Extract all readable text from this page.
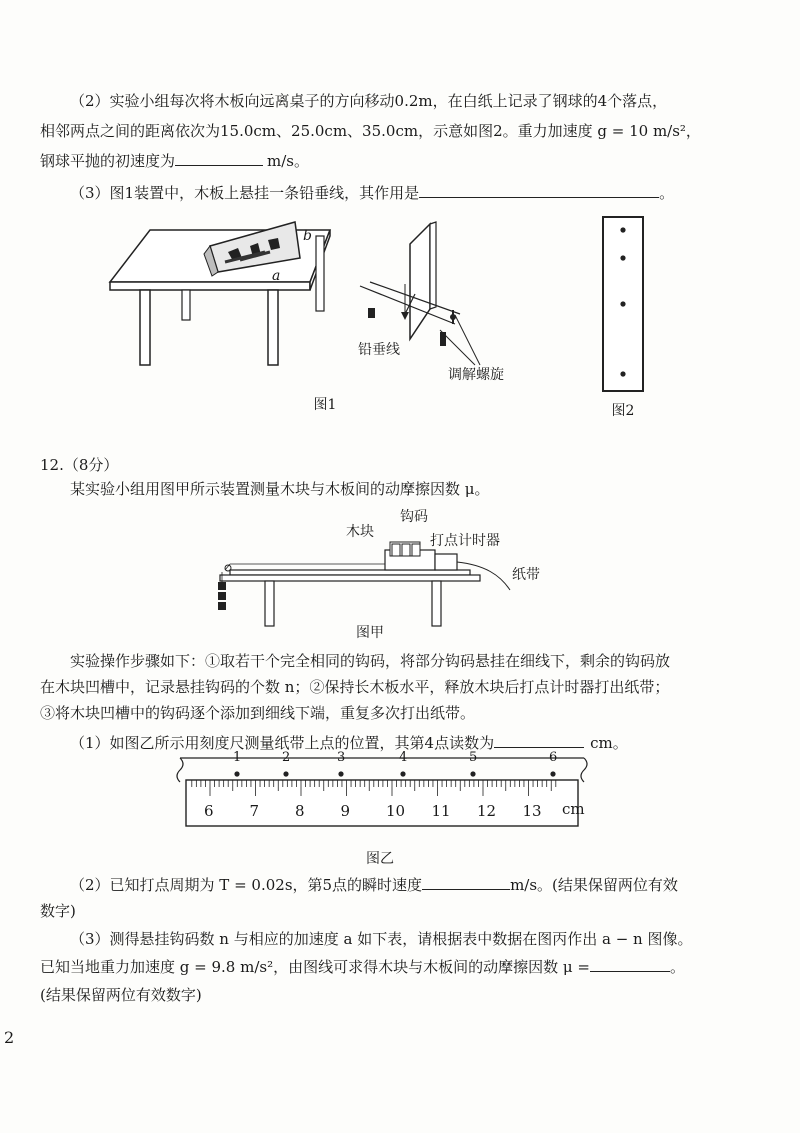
（2）实验小组每次将木板向远离桌子的方向移动0.2m，在白纸上记录了钢球的4个落点，
相邻两点之间的距离依次为15.0cm、25.0cm、35.0cm，示意如图2。重力加速度 g = 10 m/s²，
钢球平抛的初速度为	m/s。
（3）图1装置中，木板上悬挂一条铅垂线，其作用是	。
b
a
铅垂线
调解螺旋
图1	图2
12.（8分）
某实验小组用图甲所示装置测量木块与木板间的动摩擦因数 μ。
木块
钩码
打点计时器
纸带
图甲
实验操作步骤如下：①取若干个完全相同的钩码，将部分钩码悬挂在细线下，剩余的钩码放
在木块凹槽中，记录悬挂钩码的个数 n；②保持长木板水平，释放木块后打点计时器打出纸带；
③将木块凹槽中的钩码逐个添加到细线下端，重复多次打出纸带。
（1）如图乙所示用刻度尺测量纸带上点的位置，其第4点读数为	cm。
6 7 8 9 10 11 12 13 cm
1	2	3	4	5	6
图乙
（2）已知打点周期为 T = 0.02s，第5点的瞬时速度	m/s。(结果保留两位有效
数字)
（3）测得悬挂钩码数 n 与相应的加速度 a 如下表，请根据表中数据在图丙作出 a − n 图像。
已知当地重力加速度 g = 9.8 m/s²，由图线可求得木块与木板间的动摩擦因数 μ =	。
(结果保留两位有效数字)
2
